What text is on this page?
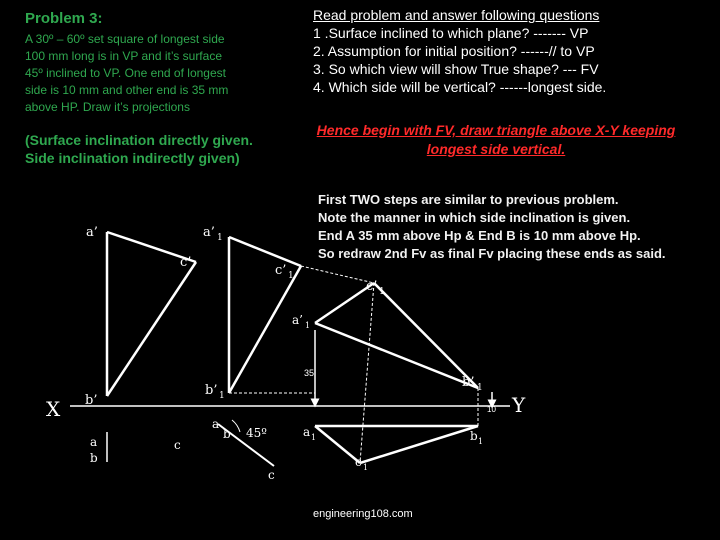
Problem 3:
A 30º – 60º set square of longest side
100 mm long is in VP and it’s surface
45º inclined to VP. One end of longest
side is 10 mm and other end is 35 mm
above HP. Draw it’s projections
Read problem and answer following questions
1 .Surface inclined to which plane? ------- VP
2. Assumption for initial position? ------// to VP
3. So which view will show True shape? --- FV
4. Which side will be vertical? ------longest side.
(Surface inclination directly given.
Side inclination indirectly given)
Hence begin with FV, draw triangle above X-Y keeping longest side vertical.
First TWO steps are similar to previous problem.
Note the manner in which side inclination is given.
End A 35 mm above Hp & End B is 10 mm above Hp.
So redraw 2nd Fv as final Fv placing these ends as said.
X	Y
a’	a’ 1
c’
c’ 1
c’ 1
a’ 1
b’
b’ 1
b’ 1
a
b
c
a
b 45º	a 1	b 1
c 1
c
35
10
engineering108.com
